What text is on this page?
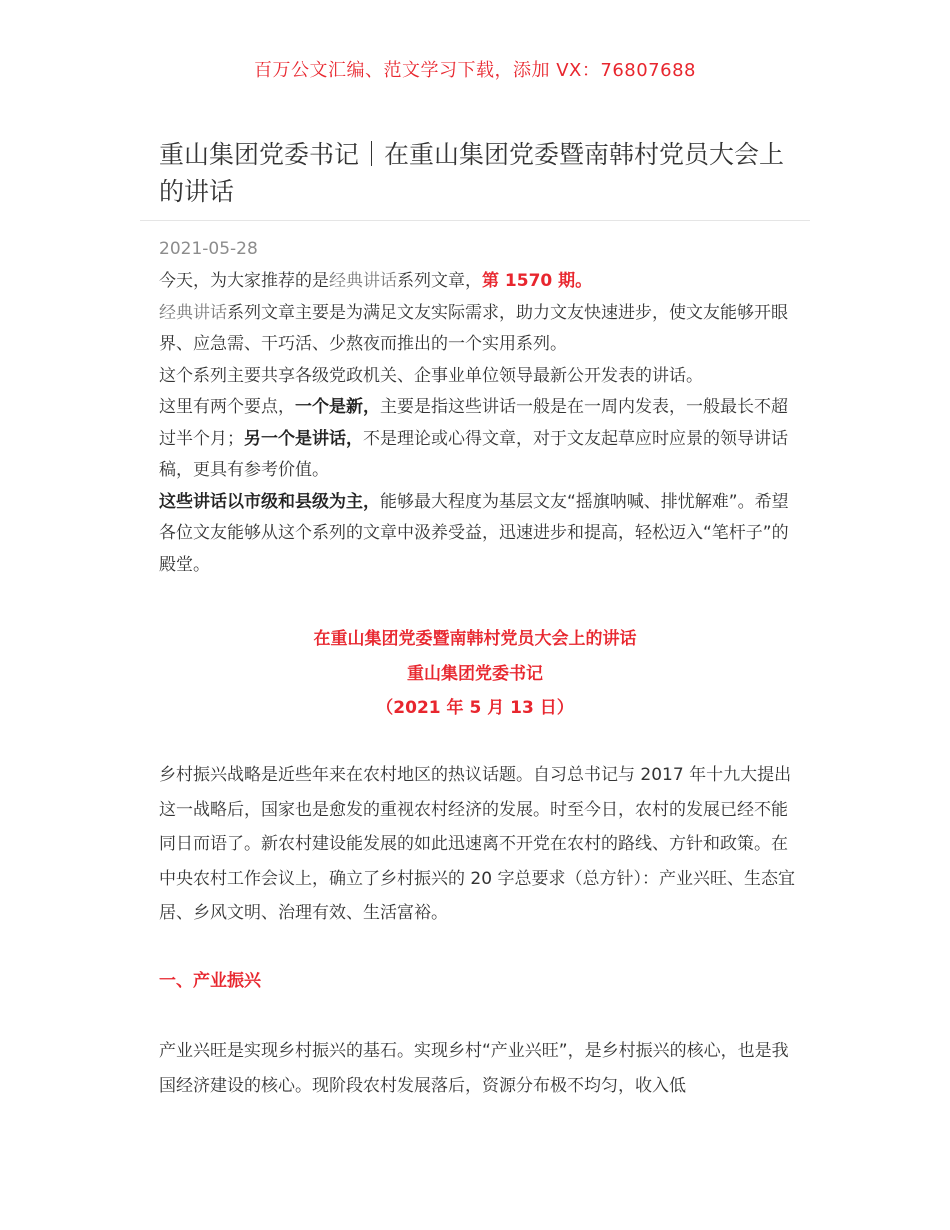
百万公文汇编、范文学习下载，添加 VX：76807688
重山集团党委书记｜在重山集团党委暨南韩村党员大会上的讲话
2021-05-28

今天，为大家推荐的是经典讲话系列文章，第 1570 期。

经典讲话系列文章主要是为满足文友实际需求，助力文友快速进步，使文友能够开眼界、应急需、干巧活、少熬夜而推出的一个实用系列。

这个系列主要共享各级党政机关、企事业单位领导最新公开发表的讲话。

这里有两个要点，一个是新，主要是指这些讲话一般是在一周内发表，一般最长不超过半个月；另一个是讲话，不是理论或心得文章，对于文友起草应时应景的领导讲话稿，更具有参考价值。

这些讲话以市级和县级为主，能够最大程度为基层文友“摇旗呐喊、排忧解难”。希望各位文友能够从这个系列的文章中汲养受益，迅速进步和提高，轻松迈入“笔杆子”的殿堂。

在重山集团党委暨南韩村党员大会上的讲话
重山集团党委书记
（2021 年 5 月 13 日）

乡村振兴战略是近些年来在农村地区的热议话题。自习总书记与 2017 年十九大提出这一战略后，国家也是愈发的重视农村经济的发展。时至今日，农村的发展已经不能同日而语了。新农村建设能发展的如此迅速离不开党在农村的路线、方针和政策。在中央农村工作会议上，确立了乡村振兴的 20 字总要求（总方针）：产业兴旺、生态宜居、乡风文明、治理有效、生活富裕。

一、产业振兴

产业兴旺是实现乡村振兴的基石。实现乡村“产业兴旺”，是乡村振兴的核心，也是我国经济建设的核心。现阶段农村发展落后，资源分布极不均匀，收入低
